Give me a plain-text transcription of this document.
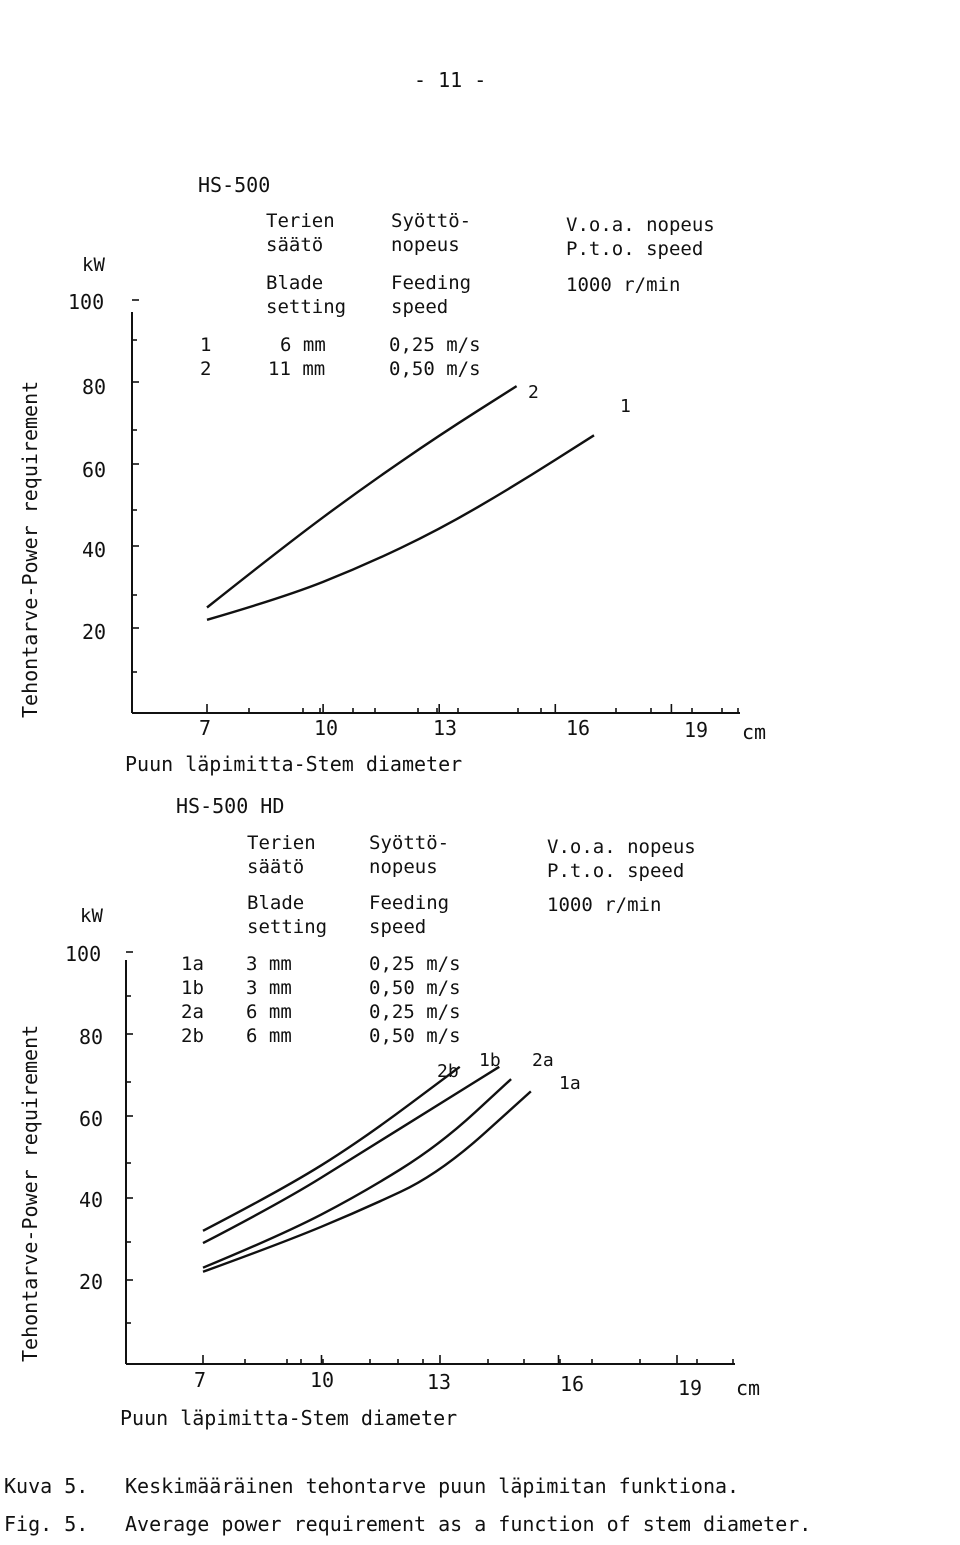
- 11 -
HS-500
Terien
säätö
Syöttö-
nopeus
Blade
setting
Feeding
speed
1	6 mm	0,25 m/s
2	11 mm	0,50 m/s
V.o.a. nopeus
P.t.o. speed
1000 r/min
kW
Tehontarve-Power requirement
100
80
60
40
20
7	10	13	16	19 cm
Puun läpimitta-Stem diameter
2
1
HS-500 HD
Terien
säätö
Syöttö-
nopeus
Blade
setting
Feeding
speed
1a 3 mm	0,25 m/s
1b 3 mm	0,50 m/s
2a 6 mm	0,25 m/s
2b 6 mm	0,50 m/s
V.o.a. nopeus
P.t.o. speed
1000 r/min
kW
Tehontarve-Power requirement
100
80
60
40
20
7	10	13	16	19 cm
Puun läpimitta-Stem diameter
2b
1b 2a
1a
Kuva 5. Keskimääräinen tehontarve puun läpimitan funktiona.
Fig. 5. Average power requirement as a function of stem diameter.
